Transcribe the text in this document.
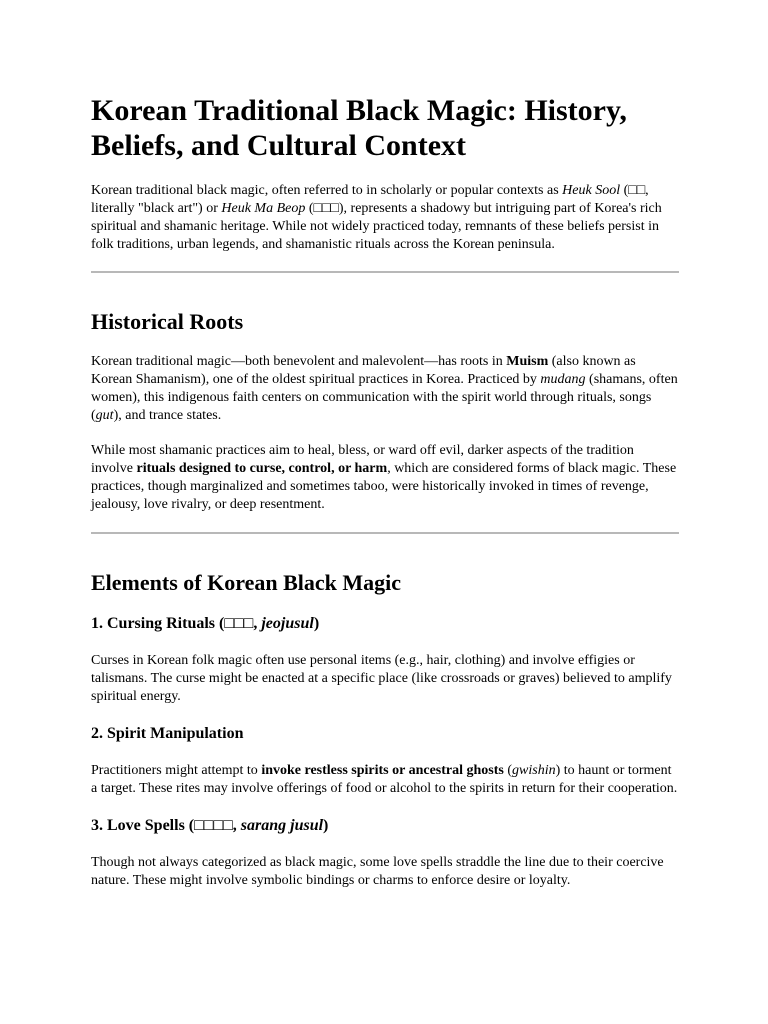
Korean Traditional Black Magic: History, Beliefs, and Cultural Context

Korean traditional black magic, often referred to in scholarly or popular contexts as Heuk Sool (□□, literally "black art") or Heuk Ma Beop (□□□), represents a shadowy but intriguing part of Korea's rich spiritual and shamanic heritage. While not widely practiced today, remnants of these beliefs persist in folk traditions, urban legends, and shamanistic rituals across the Korean peninsula.

Historical Roots

Korean traditional magic—both benevolent and malevolent—has roots in Muism (also known as Korean Shamanism), one of the oldest spiritual practices in Korea. Practiced by mudang (shamans, often women), this indigenous faith centers on communication with the spirit world through rituals, songs (gut), and trance states.

While most shamanic practices aim to heal, bless, or ward off evil, darker aspects of the tradition involve rituals designed to curse, control, or harm, which are considered forms of black magic. These practices, though marginalized and sometimes taboo, were historically invoked in times of revenge, jealousy, love rivalry, or deep resentment.

Elements of Korean Black Magic
1. Cursing Rituals (□□□, jeojusul)

Curses in Korean folk magic often use personal items (e.g., hair, clothing) and involve effigies or talismans. The curse might be enacted at a specific place (like crossroads or graves) believed to amplify spiritual energy.

2. Spirit Manipulation

Practitioners might attempt to invoke restless spirits or ancestral ghosts (gwishin) to haunt or torment a target. These rites may involve offerings of food or alcohol to the spirits in return for their cooperation.

3. Love Spells (□□□□, sarang jusul)

Though not always categorized as black magic, some love spells straddle the line due to their coercive nature. These might involve symbolic bindings or charms to enforce desire or loyalty.
